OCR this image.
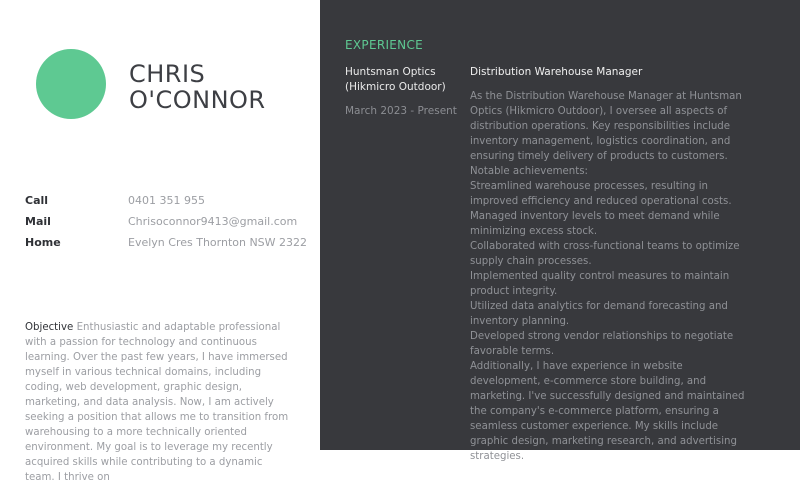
CHRIS
O'CONNOR
Call	0401 351 955
Mail	Chrisoconnor9413@gmail.com
Home	Evelyn Cres Thornton NSW 2322
Objective Enthusiastic and adaptable professional with a passion for technology and continuous learning. Over the past few years, I have immersed myself in various technical domains, including coding, web development, graphic design, marketing, and data analysis. Now, I am actively seeking a position that allows me to transition from warehousing to a more technically oriented environment. My goal is to leverage my recently acquired skills while contributing to a dynamic team. I thrive on
EXPERIENCE
Huntsman Optics (Hikmicro Outdoor)
March 2023 - Present
Distribution Warehouse Manager

As the Distribution Warehouse Manager at Huntsman Optics (Hikmicro Outdoor), I oversee all aspects of distribution operations. Key responsibilities include inventory management, logistics coordination, and ensuring timely delivery of products to customers. Notable achievements:

Streamlined warehouse processes, resulting in improved efficiency and reduced operational costs.

Managed inventory levels to meet demand while minimizing excess stock.

Collaborated with cross-functional teams to optimize supply chain processes.

Implemented quality control measures to maintain product integrity.

Utilized data analytics for demand forecasting and inventory planning.

Developed strong vendor relationships to negotiate favorable terms.

Additionally, I have experience in website development, e-commerce store building, and marketing. I've successfully designed and maintained the company's e-commerce platform, ensuring a seamless customer experience. My skills include graphic design, marketing research, and advertising strategies.
